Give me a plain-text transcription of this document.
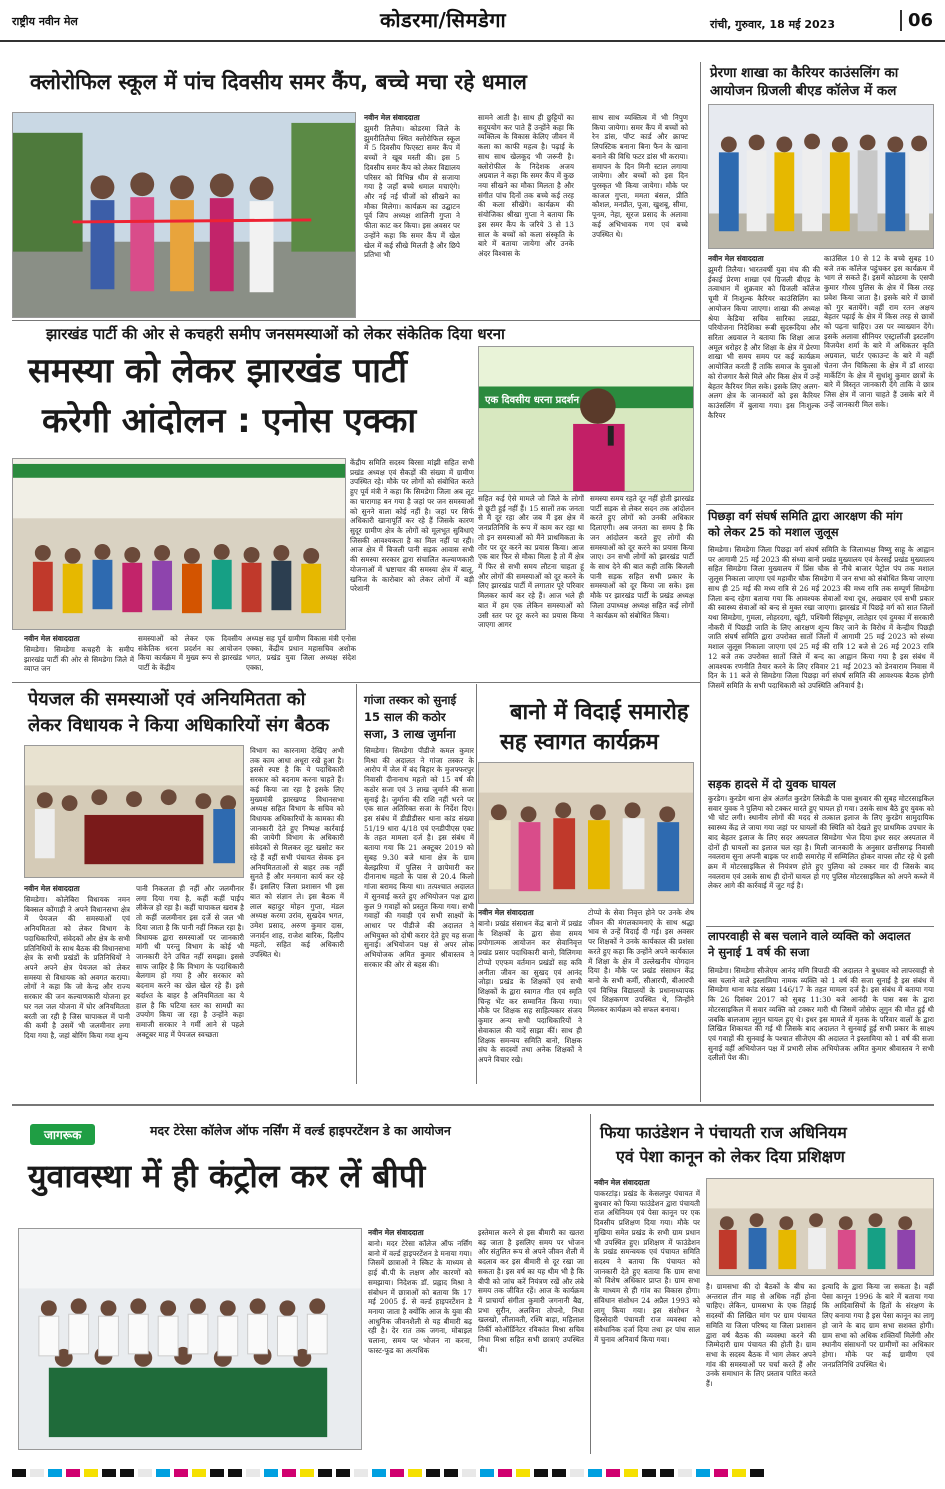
राष्ट्रीय नवीन मेल	कोडरमा/सिमडेगा	रांची, गुरुवार, 18 मई 2023	06
क्लोरोफिल स्कूल में पांच दिवसीय समर कैंप, बच्चे मचा रहे धमाल
नवीन मेल संवाददाता
झुमरी तिलैया। कोडरमा जिले के झुमरीतिलैया स्थित क्लोरोफिल स्कूल में 5 दिवसीय फिएस्टा समर कैंप में बच्चों ने खूब मस्ती की। इस 5 दिवसीय समर कैंप को लेकर विद्यालय परिसर को विभिन्न थीम से सजाया गया है जहाँ बच्चे धमाल मचाएंगे। और नई नई चीजों को सीखने का मौका मिलेगा। कार्यक्रम का उद्घाटन पूर्व जिप अध्यक्ष शालिनी गुप्ता ने फीता काट कर किया। इस अवसर पर उन्होंने कहा कि समर कैंप में खेल खेल में कई सीखे मिलती है और छिपे प्रतिभा भी
सामने आती है। साथ ही छुट्टियों का सदुपयोग कर पाते हैं उन्होंने कहा कि व्यक्तित्व के विकास केलिए जीवन में कला का काफी महत्व है। पढ़ाई के साथ साथ खेलकूद भी जरूरी है। क्लोरोफील के निदेशक अजय अग्रवाल ने कहा कि समर कैंप में कुछ नया सीखने का मौका मिलता है और संगीत पांच दिनों तक बच्चे कई तरह की कला सीखेंगे। कार्यक्रम की संयोजिका श्रीखा गुप्ता ने बताया कि इस समर कैंप के जरिये 3 से 13 साल के बच्चों को कला संस्कृति के बारे में बताया जायेगा और उनके अंदर विश्वास के
साथ साथ व्यक्तित्व में भी निपुण किया जायेगा। समर कैंप में बच्चों को रेन डांस, पॉप्ट कार्ड और क्राफ्ट लिपस्टिक बनाना बिना फैन के खाना बनाने की विधि फटर डांस भी कराया। समापन के दिन मिनी स्टाल लगाया जायेगा। और बच्चों को इस दिन पुरस्कृत भी किया जायेगा। मौके पर काजल गुप्ता, ममता बंसल, प्रीति कौशल, मनप्रीत, पूजा, खुशबू, सीमा, पूनम, नेहा, सूरज प्रसाद के अलावा कई अभिभावक गण एवं बच्चे उपस्थित थे।
झारखंड पार्टी की ओर से कचहरी समीप जनसमस्याओं को लेकर संकेतिक दिया धरना
समस्या को लेकर झारखंड पार्टी
करेगी आंदोलन : एनोस एक्का
एक दिवसीय धरना प्रदर्शन
केंद्रीय समिति सदस्य बिरसा मांझी सहित सभी प्रखंड अध्यक्ष एवं सैकड़ों की संख्या में ग्रामीण उपस्थित रहे। मौके पर लोगों को संबोधित करते हुए पूर्व मंत्री ने कहा कि सिमडेगा जिला अब लूट का चारागाह बन गया है जहां पर जन समस्याओं को सुनने वाला कोई नहीं है। जहां पर सिर्फ अधिकारी खानापूर्ति कर रहे हैं जिसके कारण सुदूर ग्रामीण क्षेत्र के लोगों को मूलभूत सुविधाएं जिसकी आवश्यकता है का मिल नहीं पा रही। आज क्षेत्र में बिजली पानी सड़क आवास सभी की समस्या सरकार द्वारा संचालित कल्याणकारी योजनाओं में भ्रष्टाचार की समस्या क्षेत्र में बालू, खनिज के कारोबार को लेकर लोगों में बड़ी परेशानी
सहित कई ऐसे मामले जो जिले के लोगों से छूटी हुई नहीं हैं। 15 सालों तक जनता से मैं दूर रहा और जब मैं इस क्षेत्र में जनप्रतिनिधि के रूप में काम कर रहा था तो इन समस्याओं को मैंने प्राथमिकता के तौर पर दूर करने का प्रयास किया। आज एक बार फिर से मौका मिला है तो मैं क्षेत्र में फिर से सभी समय लौटना चाहता हूं और लोगों की समस्याओं को दूर करने के लिए झारखंड पार्टी में लगातार पूरे परिवार मिलकर कार्य कर रहे हैं। आज भले ही बात में हम एक लेकिन समस्याओं को उसी स्तर पर दूर करने का प्रयास किया जाएगा आगर
समस्या समय रहते दूर नहीं होती झारखंड पार्टी सड़क से लेकर सदन तक आंदोलन करते हुए लोगों को उनकी अधिकार दिलाएगी। अब जनता का समय है कि जन आंदोलन करते हुए लोगों की समस्याओं को दूर करने का प्रयास किया जाए। उन सभी लोगों को झारखंड पार्टी के साथ देने की बात कही ताकि बिजली पानी सड़क सहित सभी प्रकार के समस्याओं को दूर किया जा सके। इस मौके पर झारखंड पार्टी के प्रखंड अध्यक्ष जिला उपाध्यक्ष अध्यक्ष सहित कई लोगों ने कार्यक्रम को संबोधित किया।
नवीन मेल संवाददाता
सिमडेगा। सिमडेगा कचहरी के समीप झारखंड पार्टी की ओर से सिमडेगा जिले में व्याप्त जन
समस्याओं को लेकर एक दिवसीय संकेतिक धरना प्रदर्शन का आयोजन किया कार्यक्रम में मुख्य रूप से झारखंड पार्टी के केंद्रीय
अध्यक्ष सह पूर्व ग्रामीण विकास मंत्री एनोस एक्का, केंद्रीय प्रधान महासचिव अशोक भगत, प्रखंड युवा जिला अध्यक्ष संदेश एक्का,
प्रेरणा शाखा का कैरियर काउंसलिंग का
आयोजन ग्रिजली बीएड कॉलेज में कल
नवीन मेल संवाददाता
झुमरी तिलैया। भारतवर्षी युवा मंच की की ईकाई प्रेरणा शाखा एवं ग्रिजली बीएड के तत्वाधान में शुक्रवार को ग्रिजली कॉलेज चूमी में निःशुल्क कैरियर काउंसिलिंग का आयोजन किया जाएगा। शाखा की अध्यक्ष श्रेया केडिया सचिव सारिका लडढा, परियोजना निदेशिका रूबी सुदरूदिया और सरिता अग्रवाल ने बताया कि शिक्षा आज अमूल धरोहर है और शिक्षा के क्षेत्र में प्रेरणा शाखा भी समय समय पर कई कार्यक्रम आयोजित करती हैं ताकि समाज के युवाओं को रोजगार कैसे मिले और किस क्षेत्र में उन्हें बेहतर कैरियर मिल सके। इसके लिए अलग-अलग क्षेत्र के जानकारों को इस कैरियर काउंसलिंग में बुलाया गया। इस निःशुल्क कैरियर
काउंसिल 10 से 12 के बच्चे सुबह 10 बजे तक कॉलेज पहुंचकर इस कार्यक्रम में भाग ले सकते हैं। इसमें कोडरमा के एसपी कुमार गौरव पुलिस के क्षेत्र में किस तरह प्रवेश किया जाता है। इसके बारे में छात्रों को गुर बतायेंगे। वहीं राम रतन अक्षय बेहतर पढ़ाई के क्षेत्र में किस तरह से छात्रों को पढ़ना चाहिए। उस पर व्याख्यान देंगे। इसके अलावा सीनियर एस्ट्रालॉजी इस्टलॉग विजयेश शर्मा के बारे में अधिकतर कृति अग्रवाल, चार्टर एकाउन्ट के बारे में वहीं चेतना जैन चिकित्सा के क्षेत्र में डॉ शारदा मार्केटिंग के क्षेत्र में सुधांशु कुमार छात्रों के बारे में विस्तृत जानकारी देंगे ताकि वे छात्र जिस क्षेत्र में जाना चाहते हैं उसके बारे में उन्हें जानकारी मिल सके।
पिछड़ा वर्ग संघर्ष समिति द्वारा आरक्षण की मांग
को लेकर 25 को मशाल जुलूस
सिमडेगा। सिमडेगा जिला पिछड़ा वर्ग संघर्ष समिति के जिलाध्यक्ष विष्णु साहू के आह्वान पर आगामी 25 मई 2023 की संध्या बानो प्रखंड मुख्यालय एवं केरसई प्रखंड मुख्यालय सहित सिमडेगा जिला मुख्यालय में प्रिंस चौक से नीचे बाजार पेट्रोल पंप तक मशाल जुलूस निकाला जाएगा एवं महावीर चौक सिमडेगा में जन सभा को संबोधित किया जाएगा साथ ही 25 मई की मध्य रात्रि से 26 मई 2023 की मध्य रात्रि तक सम्पूर्ण सिमडेगा जिला बन्द रहेगा बताया गया कि आवश्यक सेवाओं यथा दूध, अखबार एवं सभी प्रकार की स्वास्थ्य सेवाओं को बन्द से मुक्त रखा जाएगा। झारखंड में पिछड़े वर्ग को सात जिलों यथा सिमडेगा, गुमला, लोहरदगा, खूंटी, पश्चिमी सिंहभूम, लातेहार एवं दुमका में सरकारी नौकरी में पिछड़ी जाति के लिए आरक्षण शून्य किए जाने के विरोध में केन्द्रीय पिछड़ी जाति संघर्ष समिति द्वारा उपरोक्त सातों जिलों में आगामी 25 मई 2023 को संध्या मशाल जुलूस निकाला जाएगा एवं 25 मई की रात्रि 12 बजे से 26 मई 2023 रात्रि 12 बजे तक उपरोक्त सातों जिले में बन्द का आह्वान किया गया है इस संबंध में आवश्यक रणनीति तैयार करने के लिए रविवार 21 मई 2023 को डेनवाराम निवास में दिन के 11 बजे से सिमडेगा जिला पिछड़ा वर्ग संघर्ष समिति की आवश्यक बैठक होगी जिसमें समिति के सभी पदाधिकारी को उपस्थिति अनिवार्य है।
सड़क हादसे में दो युवक घायल
कुरडेग। कुरडेग थाना क्षेत्र अंतर्गत कुरडेग लिकेडी के पास बुधवार की सुबह मोटरसाइकिल सवार युवक ने पुलिया को टक्कर मारते हुए घायल हो गया। उसके साथ बैठे हुए युवक को भी चोट लगी। स्थानीय लोगों की मदद से तत्काल इलाज के लिए कुरडेग सामुदायिक स्वास्थ्य केंद्र ले जाया गया जहां पर घायलों की स्थिति को देखते हुए प्राथमिक उपचार के बाद बेहतर इलाज के लिए सदर अस्पताल सिमडेगा भेज दिया इधर सदर अस्पताल में दोनों ही घायलों का इलाज चल रहा है। मिली जानकारी के अनुसार छत्तीसगढ़ निवासी नवलराम सुना अपनी बाइक पर शादी समारोह में सम्मिलित होकर वापस लौट रहे थे इसी क्रम में मोटरसाइकिल से नियंत्रण होते हुए पुलिया को टक्कर मार दी जिसके बाद नवलराम एवं उसके साथ ही दोनों घायल हो गए पुलिस मोटरसाइकिल को अपने कब्जे में लेकर आगे की कार्रवाई में जुट गई है।
लापरवाही से बस चलाने वाले व्यक्ति को अदालत
ने सुनाई 1 वर्ष की सजा
सिमडेगा। सिमडेगा सीजेएम आनंद मणि त्रिपाठी की अदालत ने बुधवार को लापरवाही से बस चलाने वाले इस्लामिया नामक व्यक्ति को 1 वर्ष की सजा सुनाई है इस संबंध में सिमडेगा थाना कांड संख्या 146/17 के तहत मामला दर्ज है। इस संबंध में बताया गया कि 26 दिसंबर 2017 को सुबह 11:30 बजे आनंदी के पास बस के द्वारा मोटरसाइकिल में सवार व्यक्ति को टक्कर मारी थी जिसमें जोसेफ लूगुन की मौत हुई थी जबकि बालजाम लूगुन घायल हुए थे। इधर इस मामले में मृतक के परिवार वालों के द्वारा लिखित शिकायत की गई थी जिसके बाद अदालत ने सुनवाई हुई सभी प्रकार के साक्ष्य एवं गवाहों की सुनवाई के पश्चात सीजेएम की अदालत ने इस्लामिया को 1 वर्ष की सजा सुनाई वहीं अभियोजन पक्ष में प्रभारी लोक अभियोजक अमित कुमार श्रीवास्तव ने सभी दलीलों पेश की।
पेयजल की समस्याओं एवं अनियमितता को
लेकर विधायक ने किया अधिकारियों संग बैठक
विभाग का कारनामा देखिए अभी तक काम आधा अधूरा रखे हुआ है। इससे स्पष्ट है कि ये पदाधिकारी सरकार को बदनाम करना चाहते हैं। कई किया जा रहा है इसके लिए मुख्यमंत्री झारखण्ड विधानसभा अध्यक्ष सहित विभाग के सचिव को विधायक अधिकारियों के कामका की जानकारी देते हुए निष्पक्ष कार्रवाई की जायेगी विभाग के अधिकारी संवेदकों से मिलकर लूट खसोट कर रहे हैं वहीं सभी पंचायत सेवक इन अनियमितताओं से बाहर तक नहीं सुनते हैं और मनमाना कार्य कर रहे हैं। इसलिए जिला प्रशासन भी इस बात को संज्ञान ले। इस बैठक में लाल बहादुर मोहन गुप्ता, मंडल अध्यक्ष करमा उरांव, सुखदेव भगत, उमेश प्रसाद, अरुण कुमार दास, जनार्दन शाह, राजेश बारिक, दिलीप महतो, सहित कई अधिकारी उपस्थित थे।
नवीन मेल संवाददाता
सिमडेगा। कोलेबिरा विधायक नमन बिक्सल कोंगाड़ी ने अपने विधानसभा क्षेत्र में पेयजल की समस्याओं एवं अनियमितता को लेकर विभाग के पदाधिकारियों, संवेदकों और क्षेत्र के सभी प्रतिनिधियों के साथ बैठक की विधानसभा क्षेत्र के सभी प्रखंडों के प्रतिनिधियों ने अपने अपने क्षेत्र पेयजल को लेकर समस्या से विधायक को अवगत कराया। लोगों ने कहा कि जो केन्द्र और राज्य सरकार की जन कल्याणकारी योजना हर घर नल जल योजना में घोर अनियमितता बरती जा रही है जिस चापाकल में पानी की कमी है उसमें भी जलमीनार लगा दिया गया है, जहां बोरिंग किया गया शुन्य
पानी निकलता ही नहीं और जलमीनार लगा दिया गया है, कहीं कहीं पाईप लीकेज हो रहा है। कहीं चापाकल खराब है तो कहीं जलमीनार इस दर्जे से जल भी दिया जाता है कि पानी नहीं निकल रहा है। विधायक द्वारा समस्याओं पर जानकारी मांगी थी परन्तु विभाग के कोई भी जानकारी देने उचित नहीं समझा। इससे साफ जाहिर है कि विभाग के पदाधिकारी बेलगाम हो गया है और सरकार को बदनाम करने का खेल खेल रहे हैं। इसे बर्दाश्त के बाहर है अनियमितता का ये हाल है कि घटिया स्तर का सामग्री का उपयोग किया जा रहा है उन्होंने कहा समाजी सरकार ने गर्मी आने से पहले अक्टूबर माह में पेयजल स्वच्छता
गांजा तस्कर को सुनाई
15 साल की कठोर
सजा, 3 लाख जुर्माना
सिमडेगा। सिमडेगा पीडीजे कमल कुमार मिश्रा की अदालत ने गांजा तस्कर के आरोप में जेल में बंद बिहार के मुजफ्फरपुर निवासी दीनानाथ महतो को 15 वर्ष की कठोर सजा एवं 3 लाख जुर्माने की सजा सुनाई है। जुर्माना की राशि नहीं भरने पर एक साल अतिरिक्त सजा के निर्देश दिए। इस संबंध में डीडीडीसर थाना कांड संख्या 51/19 धारा 4/18 एवं एनडीपीएस एक्ट के तहत मामला दर्ज है। इस संबंध में बताया गया कि 21 अक्टूबर 2019 को सुबह 9.30 बजे थाना क्षेत्र के ग्राम बेलझरिया में पुलिस ने छापेमारी कर दीनानाथ महतो के पास से 20.4 किलो गांजा बरामद किया था। तत्पश्चात अदालत में सुनवाई करते हुए अभियोजन पक्ष द्वारा कुल 9 गवाहों को प्रस्तुत किया गया। सभी गवाहों की गवाही एवं सभी साक्ष्यों के आधार पर पीडीजे की अदालत ने अभियुक्त को दोषी करार देते हुए यह सजा सुनाई। अभियोजन पक्ष से अपर लोक अभियोजक अमित कुमार श्रीवास्तव ने सरकार की ओर से बहस की।
बानो में विदाई समारोह
सह स्वागत कार्यक्रम
नवीन मेल संवाददाता
बानो। प्रखंड संसाधन केंद्र बानो में प्रखंड के शिक्षकों के द्वारा सेवा समय प्रयोगात्मक आयोजन कर सेवानिवृत्त प्रखंड प्रसार पदाधिकारी बानो, विलिगमा टोप्पो एएफम वर्तमान प्रखंडों सह कवि अनीता जीवन का सुखद एवं आनंद जोड़ा। प्रखंड के शिक्षकों एवं सभी शिक्षकों के द्वारा स्वागत गीत एवं स्मृति चिन्ह भेंट कर सम्मानित किया गया। मौके पर शिक्षक सह साहित्यकार संजय कुमार अन्य सभी पदाधिकारियों ने सेवाकाल की यादें साझा कीं। साथ ही शिक्षक समन्वय समिति बानो, शिक्षक संघ के सदस्यों तथा अनेक शिक्षकों ने अपने विचार रखे।
टोप्पो के सेवा निवृत्त होने पर उनके शेष जीवन की मंगलकामनाएं के साथ श्रद्धा भाव से उन्हें विदाई दी गई। इस अवसर पर शिक्षकों ने उनके कार्यकाल की प्रशंसा करते हुए कहा कि उन्होंने अपने कार्यकाल में शिक्षा के क्षेत्र में उल्लेखनीय योगदान दिया है। मौके पर प्रखंड संसाधन केंद्र बानो के सभी कर्मी, सीआरपी, बीआरपी एवं विभिन्न विद्यालयों के प्रधानाध्यापक एवं शिक्षकगण उपस्थित थे, जिन्होंने मिलकर कार्यक्रम को सफल बनाया।
जागरूक	मदर टेरेसा कॉलेज ऑफ नर्सिंग में वर्ल्ड हाइपरटेंशन डे का आयोजन
युवावस्था में ही कंट्रोल कर लें बीपी
नवीन मेल संवाददाता
बानो। मदर टेरेसा कॉलेज ऑफ नर्सिंग बानो में वर्ल्ड हाइपरटेंशन डे मनाया गया। जिसमें छात्राओं ने स्किट के माध्यम से हाई बी.पी के लक्षण और कारणों को समझाया। निदेशक डॉ. प्रह्लाद मिश्रा ने संबोधन में छात्राओं को बताया कि 17 मई 2005 ई. से वर्ल्ड हाइपरटेंशन डे मनाया जाता है क्योंकि आज के युवा की आधुनिक जीवनशैली से यह बीमारी बढ़ रही है। देर रात तक जगना, मोबाइल चलाना, समय पर भोजन ना करना, फास्ट-फूड का अत्यधिक
इस्तेमाल करने से इस बीमारी का खतरा बढ़ जाता है इसलिए समय पर भोजन और संतुलित रूप से अपने जीवन शैली में बदलाव कर इस बीमारी से दूर रखा जा सकता है। इस वर्ष का यह थीम भी है कि बीपी को जांच करें नियंत्रण रखें और लंबे समय तक जीवित रहें। आज के कार्यक्रम में प्राचार्या संगीता कुमारी जगनानी बैद्य, प्रभा सुरीन, अलविना तोपनो, निधा खलखो, लीलावती, रश्मि बाड़ा, महिलाल तिर्की कोऑर्डिनेटर रविकांत मिश्रा सचिव निधा मिश्रा सहित सभी छात्राएं उपस्थित थी।
फिया फाउंडेशन ने पंचायती राज अधिनियम
एवं पेशा कानून को लेकर दिया प्रशिक्षण
नवीन मेल संवाददाता
पाकरटांड़। प्रखंड के केसलपुर पंचायत में बुधवार को फिया फाउंडेशन द्वारा पंचायती राज अधिनियम एवं पेसा कानून पर एक दिवसीय प्रशिक्षण दिया गया। मौके पर मुखिया समेत प्रखंड के सभी ग्राम प्रधान भी उपस्थित हुए। प्रशिक्षण में फाउंडेशन के प्रखंड समन्वयक एवं पंचायत समिति सदस्य ने बताया कि पंचायत को जानकारी देते हुए बताया कि ग्राम सभा को विशेष अधिकार प्राप्त है। ग्राम सभा के माध्यम से ही गांव का विकास होगा। संविधान संशोधन 24 अप्रैल 1993 को लागू किया गया। इस संशोधन ने हिस्सेदारी पंचायती राज व्यवस्था को संवैधानिक दर्जा दिया तथा हर पांच साल में चुनाव अनिवार्य किया गया।
है। ग्रामसभा की दो बैठकों के बीच का अन्तराल तीन माह से अधिक नहीं होना चाहिए। लेकिन, ग्रामसभा के एक तिहाई सदस्यों की लिखित मांग पर ग्राम पंचायत समिति या जिला परिषद या जिला प्रशासन द्वारा वर्ष बैठक की व्यवस्था करने की जिम्मेदारी ग्राम पंचायत की होती है। ग्राम सभा के सदस्य बैठक में भाग लेकर अपने गांव की समस्याओं पर चर्चा करते हैं और उनके समाधान के लिए प्रस्ताव पारित करते हैं।
इत्यादि के द्वारा किया जा सकता है। वहीं पेसा कानून 1996 के बारे में बताया गया कि आदिवासियों के हितों के संरक्षण के लिए बनाया गया है इस पेसा कानून का लागू हो जाने के बाद ग्राम सभा सशक्त होगी। ग्राम सभा को अधिक शक्तियाँ मिलेंगी और स्थानीय संसाधनों पर ग्रामीणों का अधिकार होगा। मौके पर कई ग्रामीण एवं जनप्रतिनिधि उपस्थित थे।
